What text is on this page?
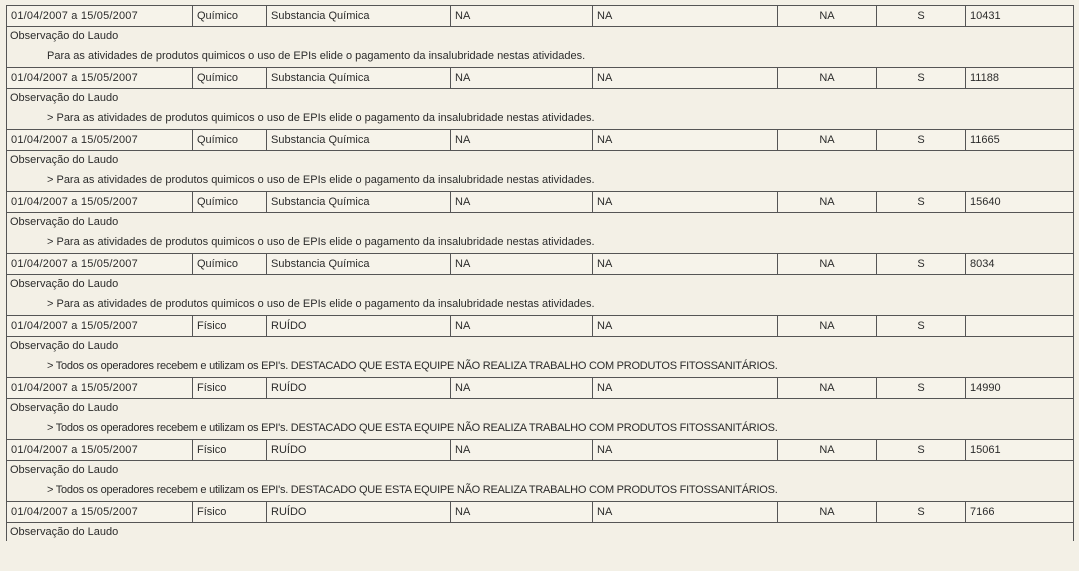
01/04/2007 a 15/05/2007	Químico	Substancia Química	NA	NA	NA	S	10431
Observação do Laudo
Para as atividades de produtos quimicos o uso de EPIs elide o pagamento da insalubridade nestas atividades.
01/04/2007 a 15/05/2007	Químico	Substancia Química	NA	NA	NA	S	11188
Observação do Laudo
> Para as atividades de produtos quimicos o uso de EPIs elide o pagamento da insalubridade nestas atividades.
01/04/2007 a 15/05/2007	Químico	Substancia Química	NA	NA	NA	S	11665
Observação do Laudo
> Para as atividades de produtos quimicos o uso de EPIs elide o pagamento da insalubridade nestas atividades.
01/04/2007 a 15/05/2007	Químico	Substancia Química	NA	NA	NA	S	15640
Observação do Laudo
> Para as atividades de produtos quimicos o uso de EPIs elide o pagamento da insalubridade nestas atividades.
01/04/2007 a 15/05/2007	Químico	Substancia Química	NA	NA	NA	S	8034
Observação do Laudo
> Para as atividades de produtos quimicos o uso de EPIs elide o pagamento da insalubridade nestas atividades.
01/04/2007 a 15/05/2007	Físico	RUÍDO	NA	NA	NA	S
Observação do Laudo
> Todos os operadores recebem e utilizam os EPI's. DESTACADO QUE ESTA EQUIPE NÃO REALIZA TRABALHO COM PRODUTOS FITOSSANITÁRIOS.
01/04/2007 a 15/05/2007	Físico	RUÍDO	NA	NA	NA	S	14990
Observação do Laudo
> Todos os operadores recebem e utilizam os EPI's. DESTACADO QUE ESTA EQUIPE NÃO REALIZA TRABALHO COM PRODUTOS FITOSSANITÁRIOS.
01/04/2007 a 15/05/2007	Físico	RUÍDO	NA	NA	NA	S	15061
Observação do Laudo
> Todos os operadores recebem e utilizam os EPI's. DESTACADO QUE ESTA EQUIPE NÃO REALIZA TRABALHO COM PRODUTOS FITOSSANITÁRIOS.
01/04/2007 a 15/05/2007	Físico	RUÍDO	NA	NA	NA	S	7166
Observação do Laudo
